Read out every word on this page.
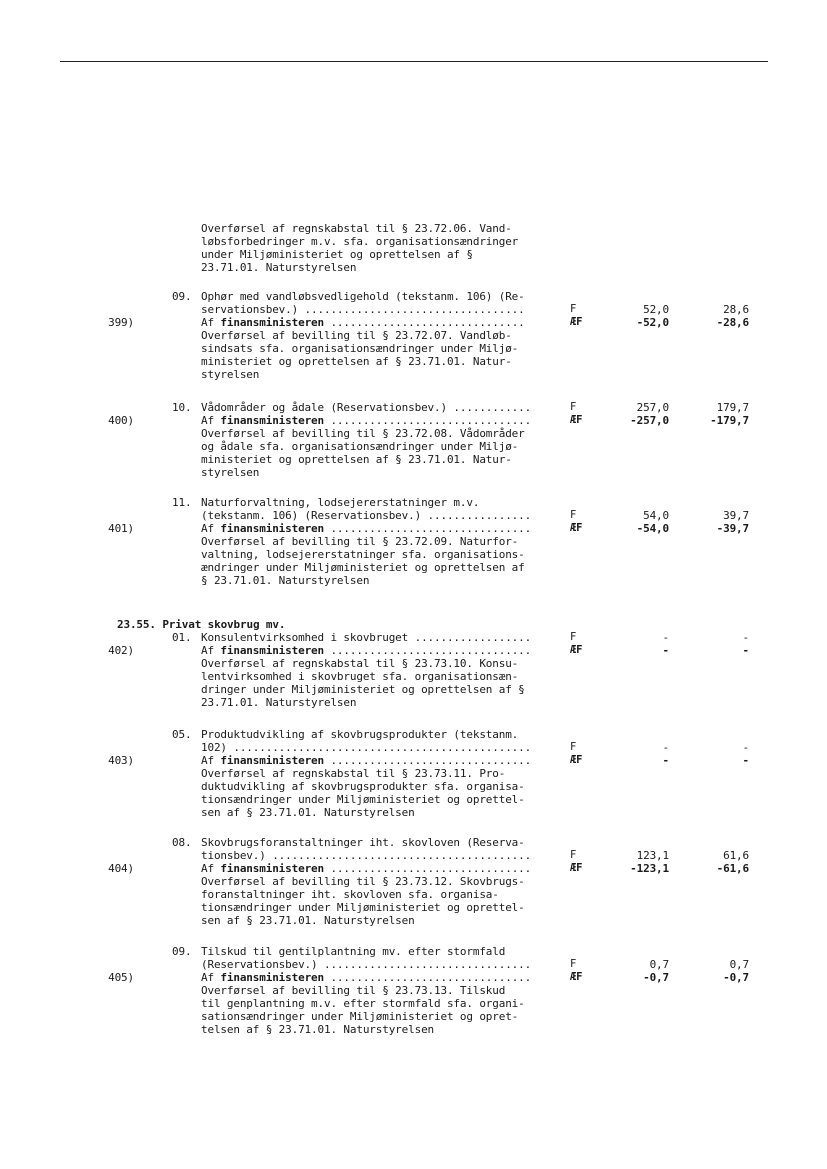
Overførsel af regnskabstal til § 23.72.06. Vand-
løbsforbedringer m.v. sfa. organisationsændringer
under Miljøministeriet og oprettelsen af §
23.71.01. Naturstyrelsen
09. Ophør med vandløbsvedligehold (tekstanm. 106) (Re-
servationsbev.) ..................................	F	52,0	28,6
399)	Af finansministeren ..............................	ÆF	-52,0	-28,6
Overførsel af bevilling til § 23.72.07. Vandløb-
sindsats sfa. organisationsændringer under Miljø-
ministeriet og oprettelsen af § 23.71.01. Natur-
styrelsen
10. Vådområder og ådale (Reservationsbev.) ............	F	257,0	179,7
400)	Af finansministeren ...............................	ÆF	-257,0	-179,7
Overførsel af bevilling til § 23.72.08. Vådområder
og ådale sfa. organisationsændringer under Miljø-
ministeriet og oprettelsen af § 23.71.01. Natur-
styrelsen
11. Naturforvaltning, lodsejererstatninger m.v.
(tekstanm. 106) (Reservationsbev.) ................	F	54,0	39,7
401)	Af finansministeren ...............................	ÆF	-54,0	-39,7
Overførsel af bevilling til § 23.72.09. Naturfor-
valtning, lodsejererstatninger sfa. organisations-
ændringer under Miljøministeriet og oprettelsen af
§ 23.71.01. Naturstyrelsen
23.55. Privat skovbrug mv.
01. Konsulentvirksomhed i skovbruget ..................	F	-	-
402)	Af finansministeren ...............................	ÆF	-	-
Overførsel af regnskabstal til § 23.73.10. Konsu-
lentvirksomhed i skovbruget sfa. organisationsæn-
dringer under Miljøministeriet og oprettelsen af §
23.71.01. Naturstyrelsen
05. Produktudvikling af skovbrugsprodukter (tekstanm.
102) ..............................................	F	-	-
403)	Af finansministeren ...............................	ÆF	-	-
Overførsel af regnskabstal til § 23.73.11. Pro-
duktudvikling af skovbrugsprodukter sfa. organisa-
tionsændringer under Miljøministeriet og oprettel-
sen af § 23.71.01. Naturstyrelsen
08. Skovbrugsforanstaltninger iht. skovloven (Reserva-
tionsbev.) ........................................	F	123,1	61,6
404)	Af finansministeren ...............................	ÆF	-123,1	-61,6
Overførsel af bevilling til § 23.73.12. Skovbrugs-
foranstaltninger iht. skovloven sfa. organisa-
tionsændringer under Miljøministeriet og oprettel-
sen af § 23.71.01. Naturstyrelsen
09. Tilskud til gentilplantning mv. efter stormfald
(Reservationsbev.) ................................	F	0,7	0,7
405)	Af finansministeren ...............................	ÆF	-0,7	-0,7
Overførsel af bevilling til § 23.73.13. Tilskud
til genplantning m.v. efter stormfald sfa. organi-
sationsændringer under Miljøministeriet og opret-
telsen af § 23.71.01. Naturstyrelsen
